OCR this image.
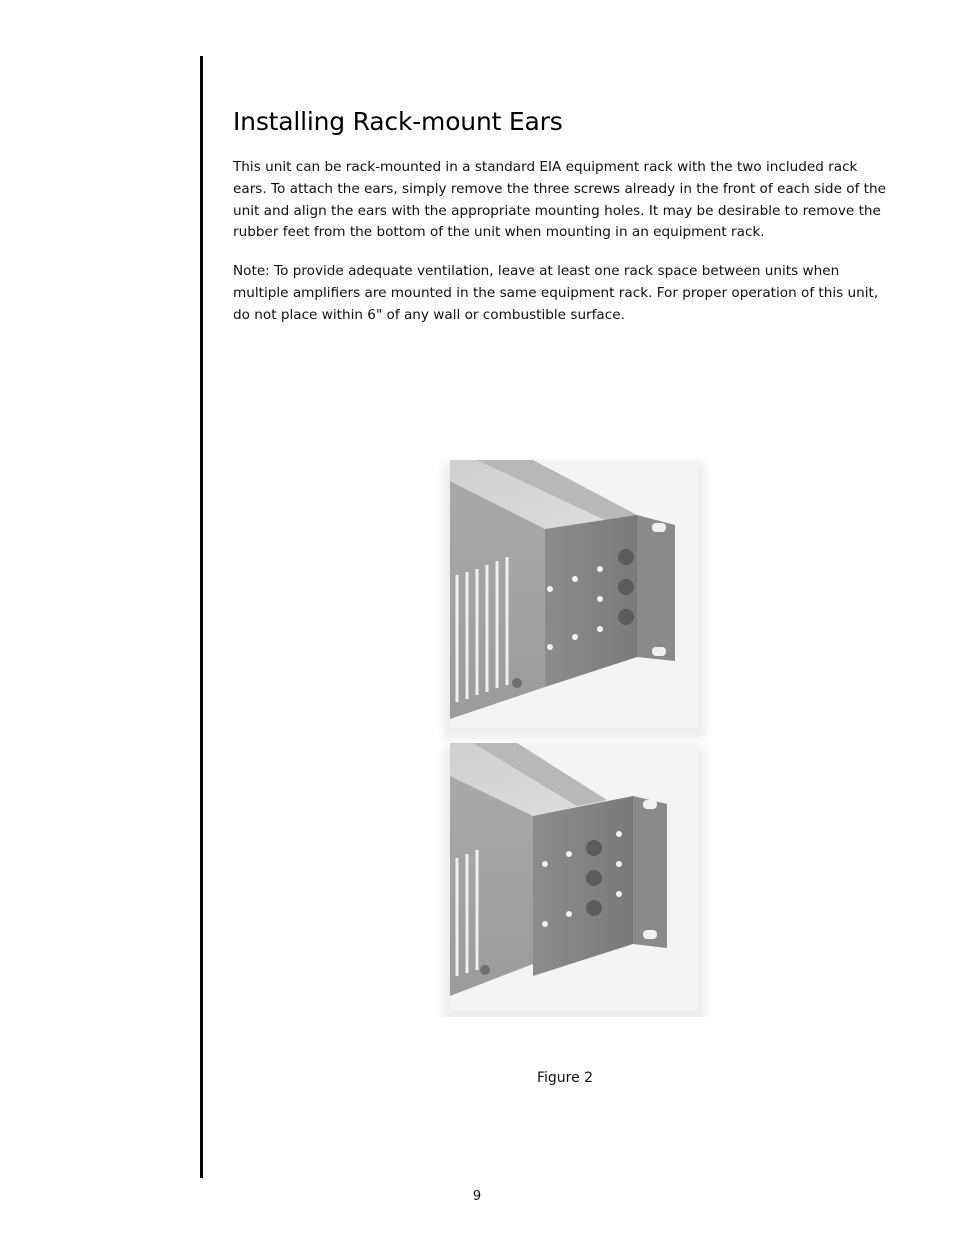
Installing Rack-mount Ears

This unit can be rack-mounted in a standard EIA equipment rack with the two included rack ears. To attach the ears, simply remove the three screws already in the front of each side of the unit and align the ears with the appropriate mounting holes. It may be desirable to remove the rubber feet from the bottom of the unit when mounting in an equipment rack.

Note: To provide adequate ventilation, leave at least one rack space between units when multiple amplifiers are mounted in the same equipment rack. For proper operation of this unit, do not place within 6" of any wall or combustible surface.

Figure 2
9
